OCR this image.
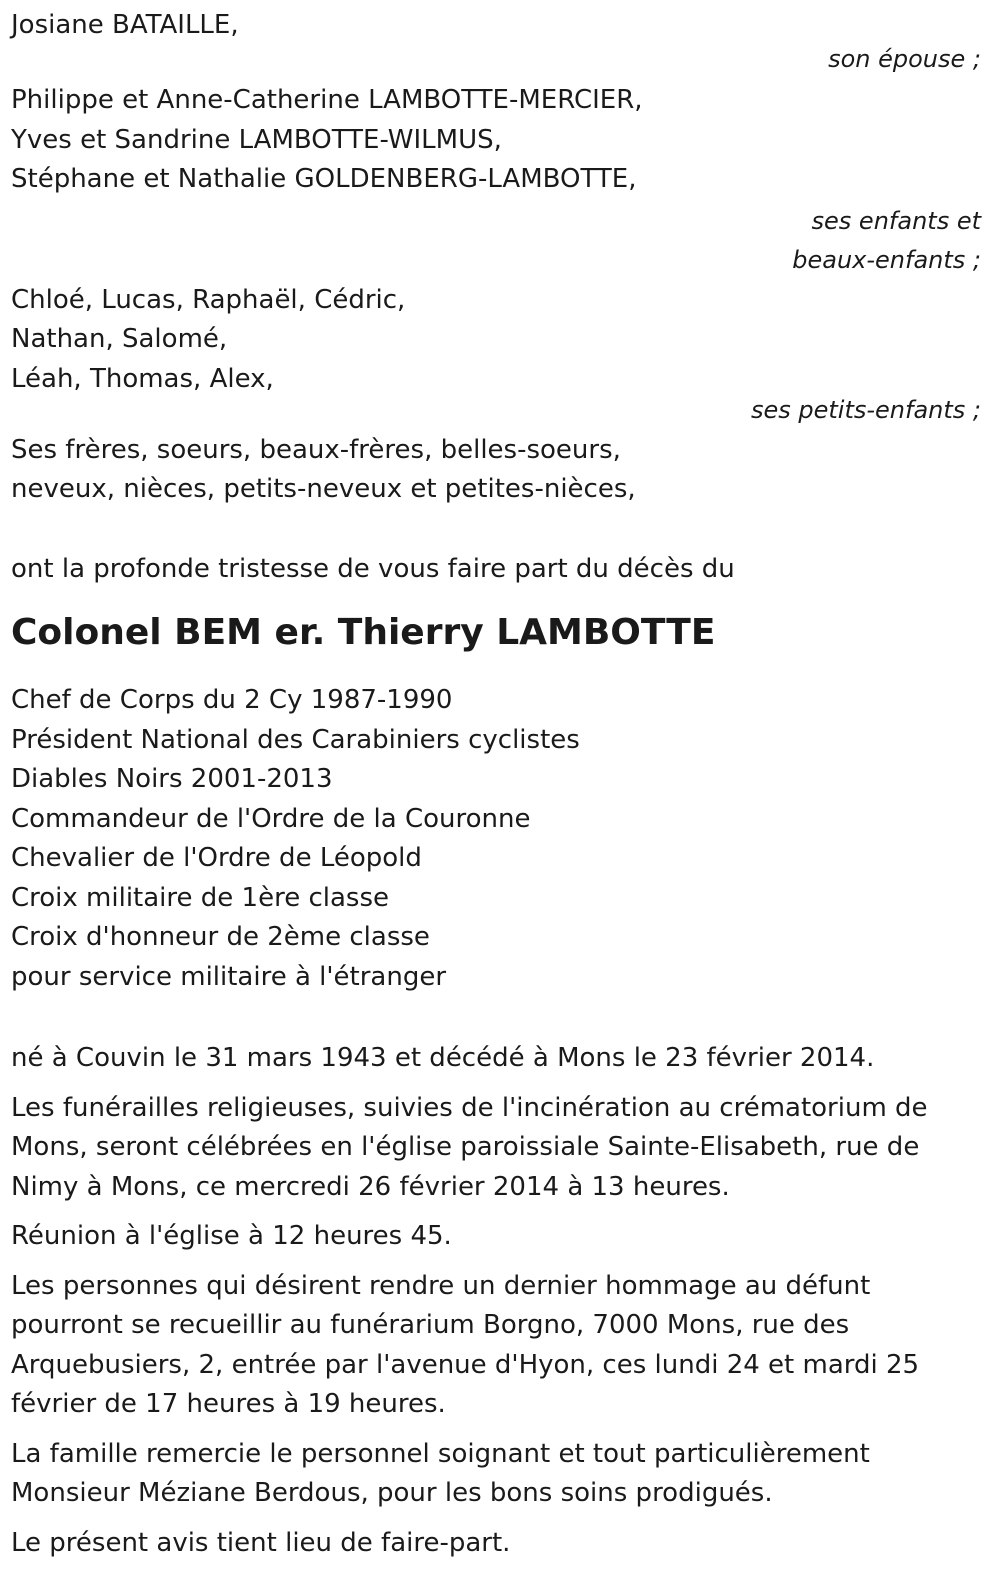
Josiane BATAILLE,
son épouse ;
Philippe et Anne-Catherine LAMBOTTE-MERCIER,
Yves et Sandrine LAMBOTTE-WILMUS,
Stéphane et Nathalie GOLDENBERG-LAMBOTTE,
ses enfants et
beaux-enfants ;
Chloé, Lucas, Raphaël, Cédric,
Nathan, Salomé,
Léah, Thomas, Alex,
ses petits-enfants ;
Ses frères, soeurs, beaux-frères, belles-soeurs,
neveux, nièces, petits-neveux et petites-nièces,
ont la profonde tristesse de vous faire part du décès du
Colonel BEM er. Thierry LAMBOTTE
Chef de Corps du 2 Cy 1987-1990
Président National des Carabiniers cyclistes
Diables Noirs 2001-2013
Commandeur de l'Ordre de la Couronne
Chevalier de l'Ordre de Léopold
Croix militaire de 1ère classe
Croix d'honneur de 2ème classe
pour service militaire à l'étranger
né à Couvin le 31 mars 1943 et décédé à Mons le 23 février 2014.
Les funérailles religieuses, suivies de l'incinération au crématorium de
Mons, seront célébrées en l'église paroissiale Sainte-Elisabeth, rue de
Nimy à Mons, ce mercredi 26 février 2014 à 13 heures.
Réunion à l'église à 12 heures 45.
Les personnes qui désirent rendre un dernier hommage au défunt
pourront se recueillir au funérarium Borgno, 7000 Mons, rue des
Arquebusiers, 2, entrée par l'avenue d'Hyon, ces lundi 24 et mardi 25
février de 17 heures à 19 heures.
La famille remercie le personnel soignant et tout particulièrement
Monsieur Méziane Berdous, pour les bons soins prodigués.
Le présent avis tient lieu de faire-part.
